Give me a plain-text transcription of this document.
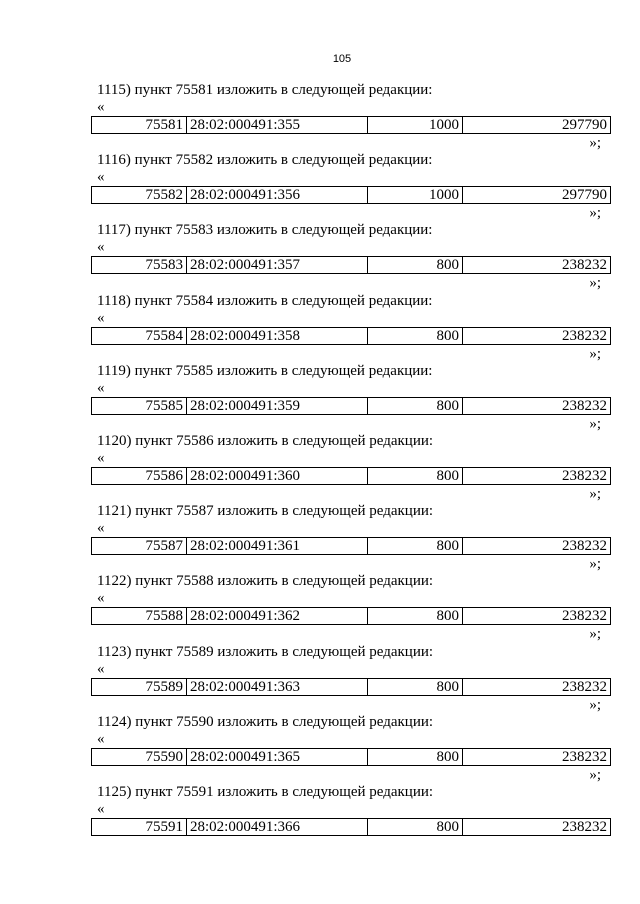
105
1115) пункт 75581 изложить в следующей редакции:
«
75581	28:02:000491:355	1000	297790
»;
1116) пункт 75582 изложить в следующей редакции:
«
75582	28:02:000491:356	1000	297790
»;
1117) пункт 75583 изложить в следующей редакции:
«
75583	28:02:000491:357	800	238232
»;
1118) пункт 75584 изложить в следующей редакции:
«
75584	28:02:000491:358	800	238232
»;
1119) пункт 75585 изложить в следующей редакции:
«
75585	28:02:000491:359	800	238232
»;
1120) пункт 75586 изложить в следующей редакции:
«
75586	28:02:000491:360	800	238232
»;
1121) пункт 75587 изложить в следующей редакции:
«
75587	28:02:000491:361	800	238232
»;
1122) пункт 75588 изложить в следующей редакции:
«
75588	28:02:000491:362	800	238232
»;
1123) пункт 75589 изложить в следующей редакции:
«
75589	28:02:000491:363	800	238232
»;
1124) пункт 75590 изложить в следующей редакции:
«
75590	28:02:000491:365	800	238232
»;
1125) пункт 75591 изложить в следующей редакции:
«
75591	28:02:000491:366	800	238232
